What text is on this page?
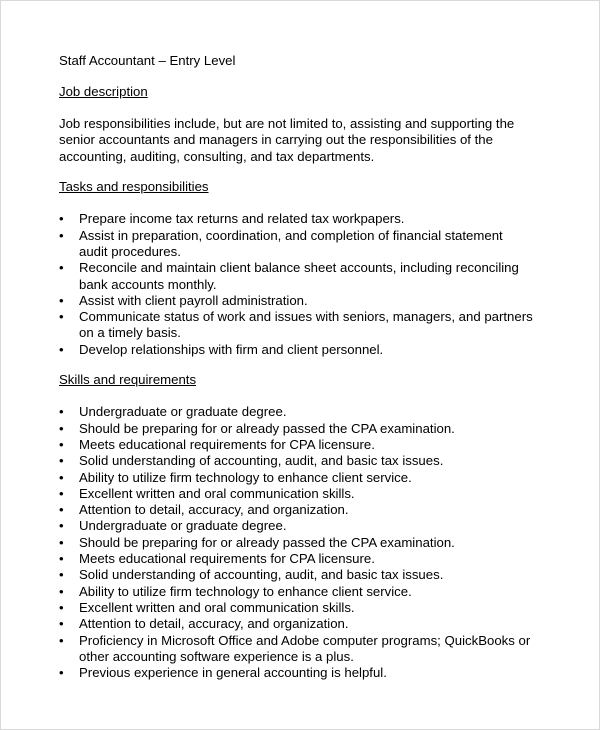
Staff Accountant – Entry Level

Job description

Job responsibilities include, but are not limited to, assisting and supporting the
senior accountants and managers in carrying out the responsibilities of the
accounting, auditing, consulting, and tax departments.

Tasks and responsibilities

•	Prepare income tax returns and related tax workpapers.
•	Assist in preparation, coordination, and completion of financial statement
audit procedures.
•	Reconcile and maintain client balance sheet accounts, including reconciling
bank accounts monthly.
•	Assist with client payroll administration.
•	Communicate status of work and issues with seniors, managers, and partners
on a timely basis.
•	Develop relationships with firm and client personnel.

Skills and requirements

•	Undergraduate or graduate degree.
•	Should be preparing for or already passed the CPA examination.
•	Meets educational requirements for CPA licensure.
•	Solid understanding of accounting, audit, and basic tax issues.
•	Ability to utilize firm technology to enhance client service.
•	Excellent written and oral communication skills.
•	Attention to detail, accuracy, and organization.
•	Undergraduate or graduate degree.
•	Should be preparing for or already passed the CPA examination.
•	Meets educational requirements for CPA licensure.
•	Solid understanding of accounting, audit, and basic tax issues.
•	Ability to utilize firm technology to enhance client service.
•	Excellent written and oral communication skills.
•	Attention to detail, accuracy, and organization.
•	Proficiency in Microsoft Office and Adobe computer programs; QuickBooks or
other accounting software experience is a plus.
•	Previous experience in general accounting is helpful.
